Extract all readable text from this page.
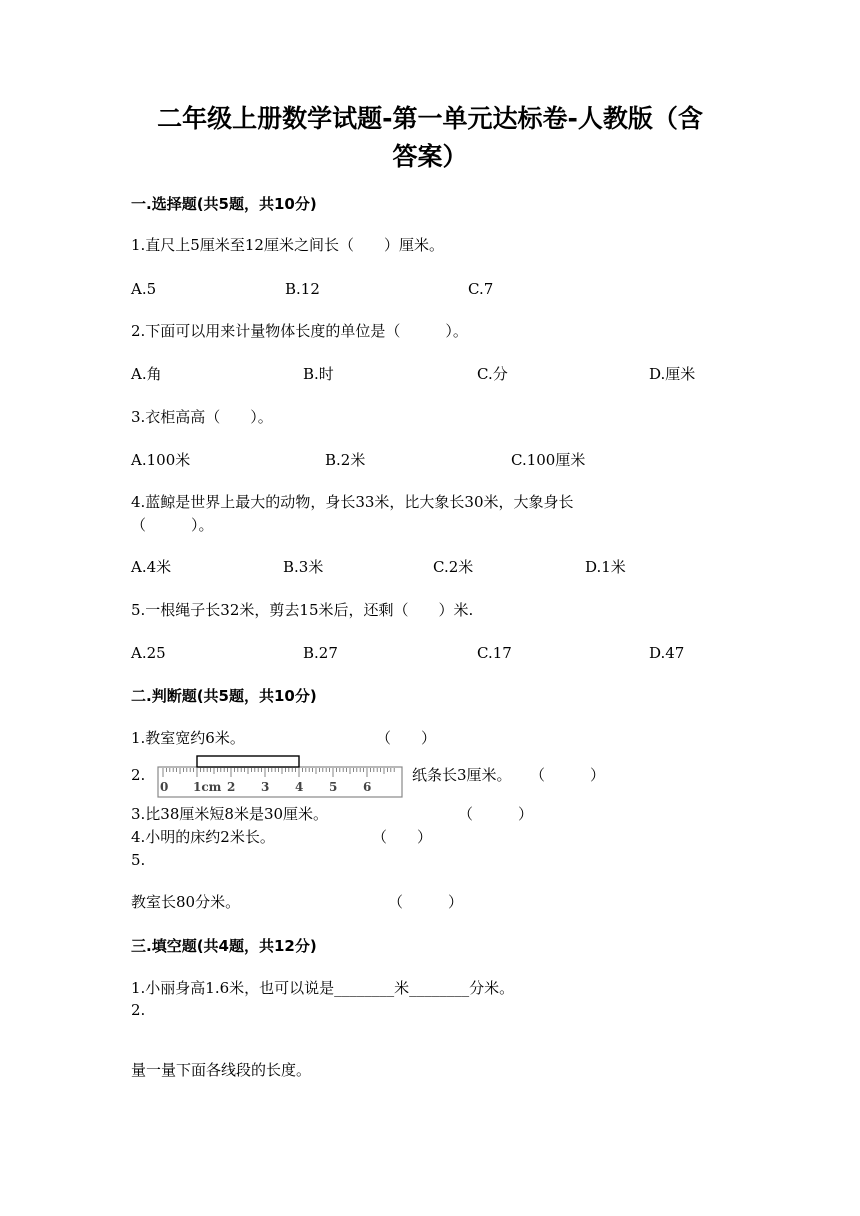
二年级上册数学试题-第一单元达标卷-人教版（含
答案）
一.选择题(共5题，共10分)
1.直尺上5厘米至12厘米之间长（　　）厘米。
A.5	B.12	C.7
2.下面可以用来计量物体长度的单位是（　　　）。
A.角	B.时	C.分	D.厘米
3.衣柜高高（　　）。
A.100米	B.2米	C.100厘米
4.蓝鲸是世界上最大的动物，身长33米，比大象长30米，大象身长
（　　　）。
A.4米	B.3米	C.2米	D.1米
5.一根绳子长32米，剪去15米后，还剩（　　）米.
A.25	B.27	C.17	D.47
二.判断题(共5题，共10分)
1.教室宽约6米。	（　　）
2.
0 1cm 2 3 4 5 6
纸条长3厘米。 （　　　）
3.比38厘米短8米是30厘米。	（　　　）
4.小明的床约2米长。	（　　）
5.
教室长80分米。	（　　　）
三.填空题(共4题，共12分)
1.小丽身高1.6米，也可以说是________米________分米。
2.
量一量下面各线段的长度。
